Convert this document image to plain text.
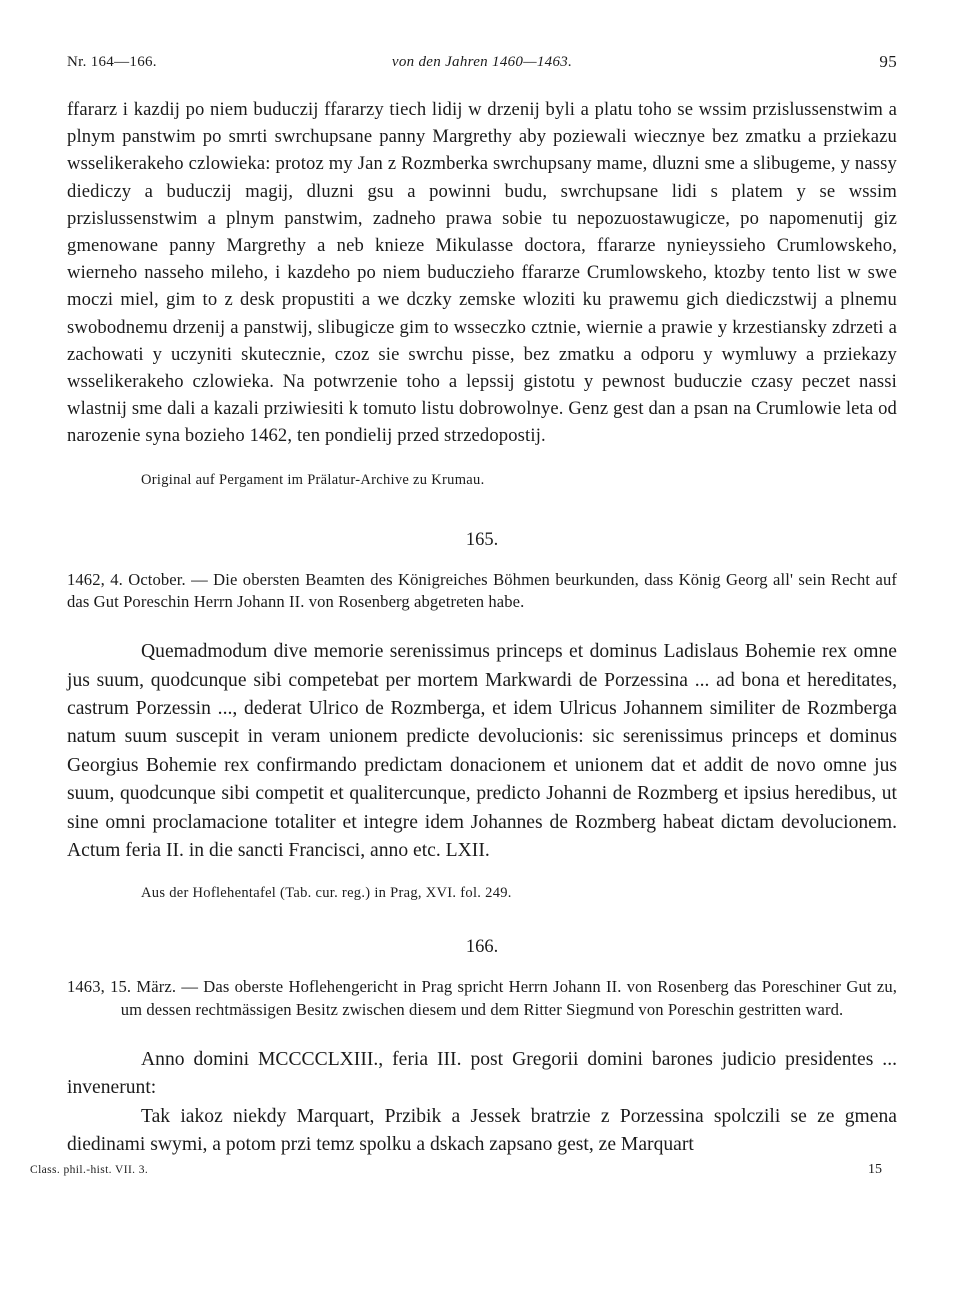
Nr. 164—166.	von den Jahren 1460—1463.	95

ffararz i kazdij po niem buduczij ffararzy tiech lidij w drzenij byli a platu toho se wssim przislussenstwim a plnym panstwim po smrti swrchupsane panny Margrethy aby poziewali wiecznye bez zmatku a prziekazu wsselikerakeho czlowieka: protoz my Jan z Rozmberka swrchupsany mame, dluzni sme a slibugeme, y nassy diediczy a buduczij magij, dluzni gsu a powinni budu, swrchupsane lidi s platem y se wssim przislussenstwim a plnym panstwim, zadneho prawa sobie tu nepozuostawugicze, po napomenutij giz gmenowane panny Margrethy a neb knieze Mikulasse doctora, ffararze nynieyssieho Crumlowskeho, wierneho nasseho mileho, i kazdeho po niem buduczieho ffararze Crumlowskeho, ktozby tento list w swe moczi miel, gim to z desk propustiti a we dczky zemske wloziti ku prawemu gich diediczstwij a plnemu swobodnemu drzenij a panstwij, slibugicze gim to wsseczko cztnie, wiernie a prawie y krzestiansky zdrzeti a zachowati y uczyniti skutecznie, czoz sie swrchu pisse, bez zmatku a odporu y wymluwy a prziekazy wsselikerakeho czlowieka. Na potwrzenie toho a lepssij gistotu y pewnost buduczie czasy peczet nassi wlastnij sme dali a kazali prziwiesiti k tomuto listu dobrowolnye. Genz gest dan a psan na Crumlowie leta od narozenie syna bozieho 1462, ten pondielij przed strzedopostij.

Original auf Pergament im Prälatur-Archive zu Krumau.

165.

1462, 4. October. — Die obersten Beamten des Königreiches Böhmen beurkunden, dass König Georg all' sein Recht auf das Gut Poreschin Herrn Johann II. von Rosenberg abgetreten habe.

Quemadmodum dive memorie serenissimus princeps et dominus Ladislaus Bohemie rex omne jus suum, quodcunque sibi competebat per mortem Markwardi de Porzessina ... ad bona et hereditates, castrum Porzessin ..., dederat Ulrico de Rozmberga, et idem Ulricus Johannem similiter de Rozmberga natum suum suscepit in veram unionem predicte devolucionis: sic serenissimus princeps et dominus Georgius Bohemie rex confirmando predictam donacionem et unionem dat et addit de novo omne jus suum, quodcunque sibi competit et qualitercunque, predicto Johanni de Rozmberg et ipsius heredibus, ut sine omni proclamacione totaliter et integre idem Johannes de Rozmberg habeat dictam devolucionem. Actum feria II. in die sancti Francisci, anno etc. LXII.

Aus der Hoflehentafel (Tab. cur. reg.) in Prag, XVI. fol. 249.

166.

1463, 15. März. — Das oberste Hoflehengericht in Prag spricht Herrn Johann II. von Rosenberg das Poreschiner Gut zu, um dessen rechtmässigen Besitz zwischen diesem und dem Ritter Siegmund von Poreschin gestritten ward.

Anno domini MCCCCLXIII., feria III. post Gregorii domini barones judicio presidentes ... invenerunt:

Tak iakoz niekdy Marquart, Przibik a Jessek bratrzie z Porzessina spolczili se ze gmena diedinami swymi, a potom przi temz spolku a dskach zapsano gest, ze Marquart

Class. phil.-hist. VII. 3.	15
